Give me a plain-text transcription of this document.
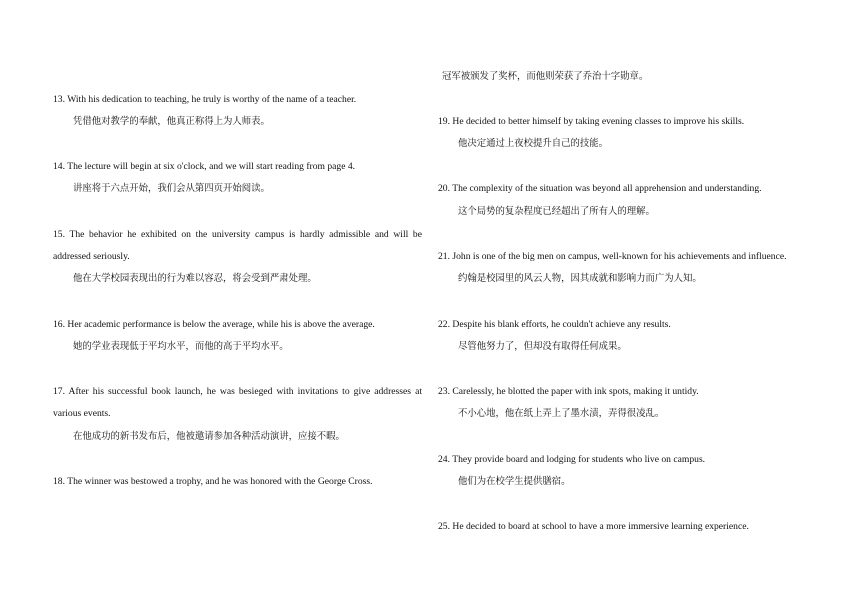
13. With his dedication to teaching, he truly is worthy of the name of a teacher.
凭借他对教学的奉献，他真正称得上为人师表。
14. The lecture will begin at six o'clock, and we will start reading from page 4.
讲座将于六点开始，我们会从第四页开始阅读。
15. The behavior he exhibited on the university campus is hardly admissible and will be
addressed seriously.
他在大学校园表现出的行为难以容忍，将会受到严肃处理。
16. Her academic performance is below the average, while his is above the average.
她的学业表现低于平均水平，而他的高于平均水平。
17. After his successful book launch, he was besieged with invitations to give addresses at
various events.
在他成功的新书发布后，他被邀请参加各种活动演讲，应接不暇。
18. The winner was bestowed a trophy, and he was honored with the George Cross.
冠军被颁发了奖杯，而他则荣获了乔治十字勋章。
19. He decided to better himself by taking evening classes to improve his skills.
他决定通过上夜校提升自己的技能。
20. The complexity of the situation was beyond all apprehension and understanding.
这个局势的复杂程度已经超出了所有人的理解。
21. John is one of the big men on campus, well-known for his achievements and influence.
约翰是校园里的风云人物，因其成就和影响力而广为人知。
22. Despite his blank efforts, he couldn't achieve any results.
尽管他努力了，但却没有取得任何成果。
23. Carelessly, he blotted the paper with ink spots, making it untidy.
不小心地，他在纸上弄上了墨水渍，弄得很凌乱。
24. They provide board and lodging for students who live on campus.
他们为在校学生提供膳宿。
25. He decided to board at school to have a more immersive learning experience.
